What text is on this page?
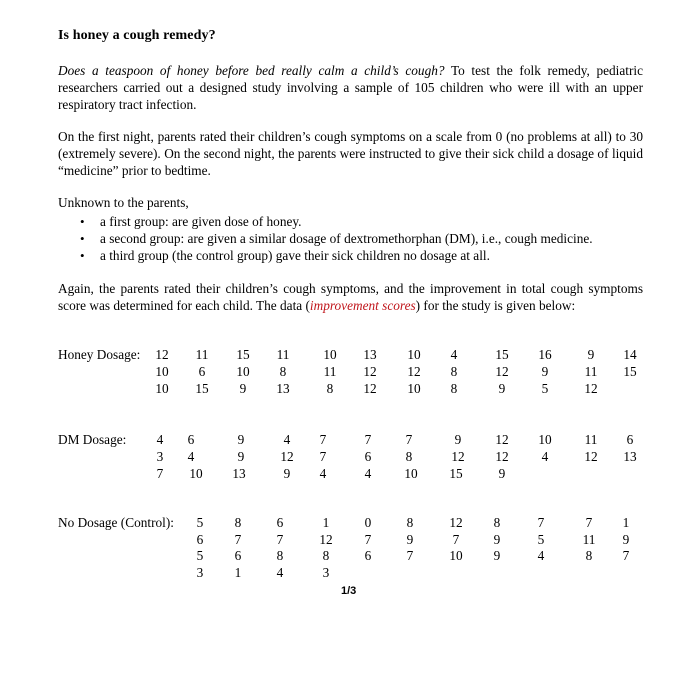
Is honey a cough remedy?
Does a teaspoon of honey before bed really calm a child’s cough? To test the folk remedy, pediatric researchers carried out a designed study involving a sample of 105 children who were ill with an upper respiratory tract infection.
On the first night, parents rated their children’s cough symptoms on a scale from 0 (no problems at all) to 30 (extremely severe). On the second night, the parents were instructed to give their sick child a dosage of liquid “medicine” prior to bedtime.
Unknown to the parents,
• a first group: are given dose of honey.
• a second group: are given a similar dosage of dextromethorphan (DM), i.e., cough medicine.
• a third group (the control group) gave their sick children no dosage at all.
Again, the parents rated their children’s cough symptoms, and the improvement in total cough symptoms score was determined for each child. The data (improvement scores) for the study is given below:
Honey Dosage:	12	11	15	11	10	13	10	4	15	16	9	14
10	6	10	8	11	12	12	8	12	9	11	15
10	15	9	13	8	12	10	8	9	5	12
DM Dosage:	4	6	9	4	7	7	7	9	12	10	11	6
3	4	9	12	7	6	8	12	12	4	12	13
7	10	13	9	4	4	10	15	9
No Dosage (Control):	5	8	6	1	0	8	12	8	7	7	1
6	7	7	12	7	9	7	9	5	11	9
5	6	8	8	6	7	10	9	4	8	7
3	1	4	3
1/3
